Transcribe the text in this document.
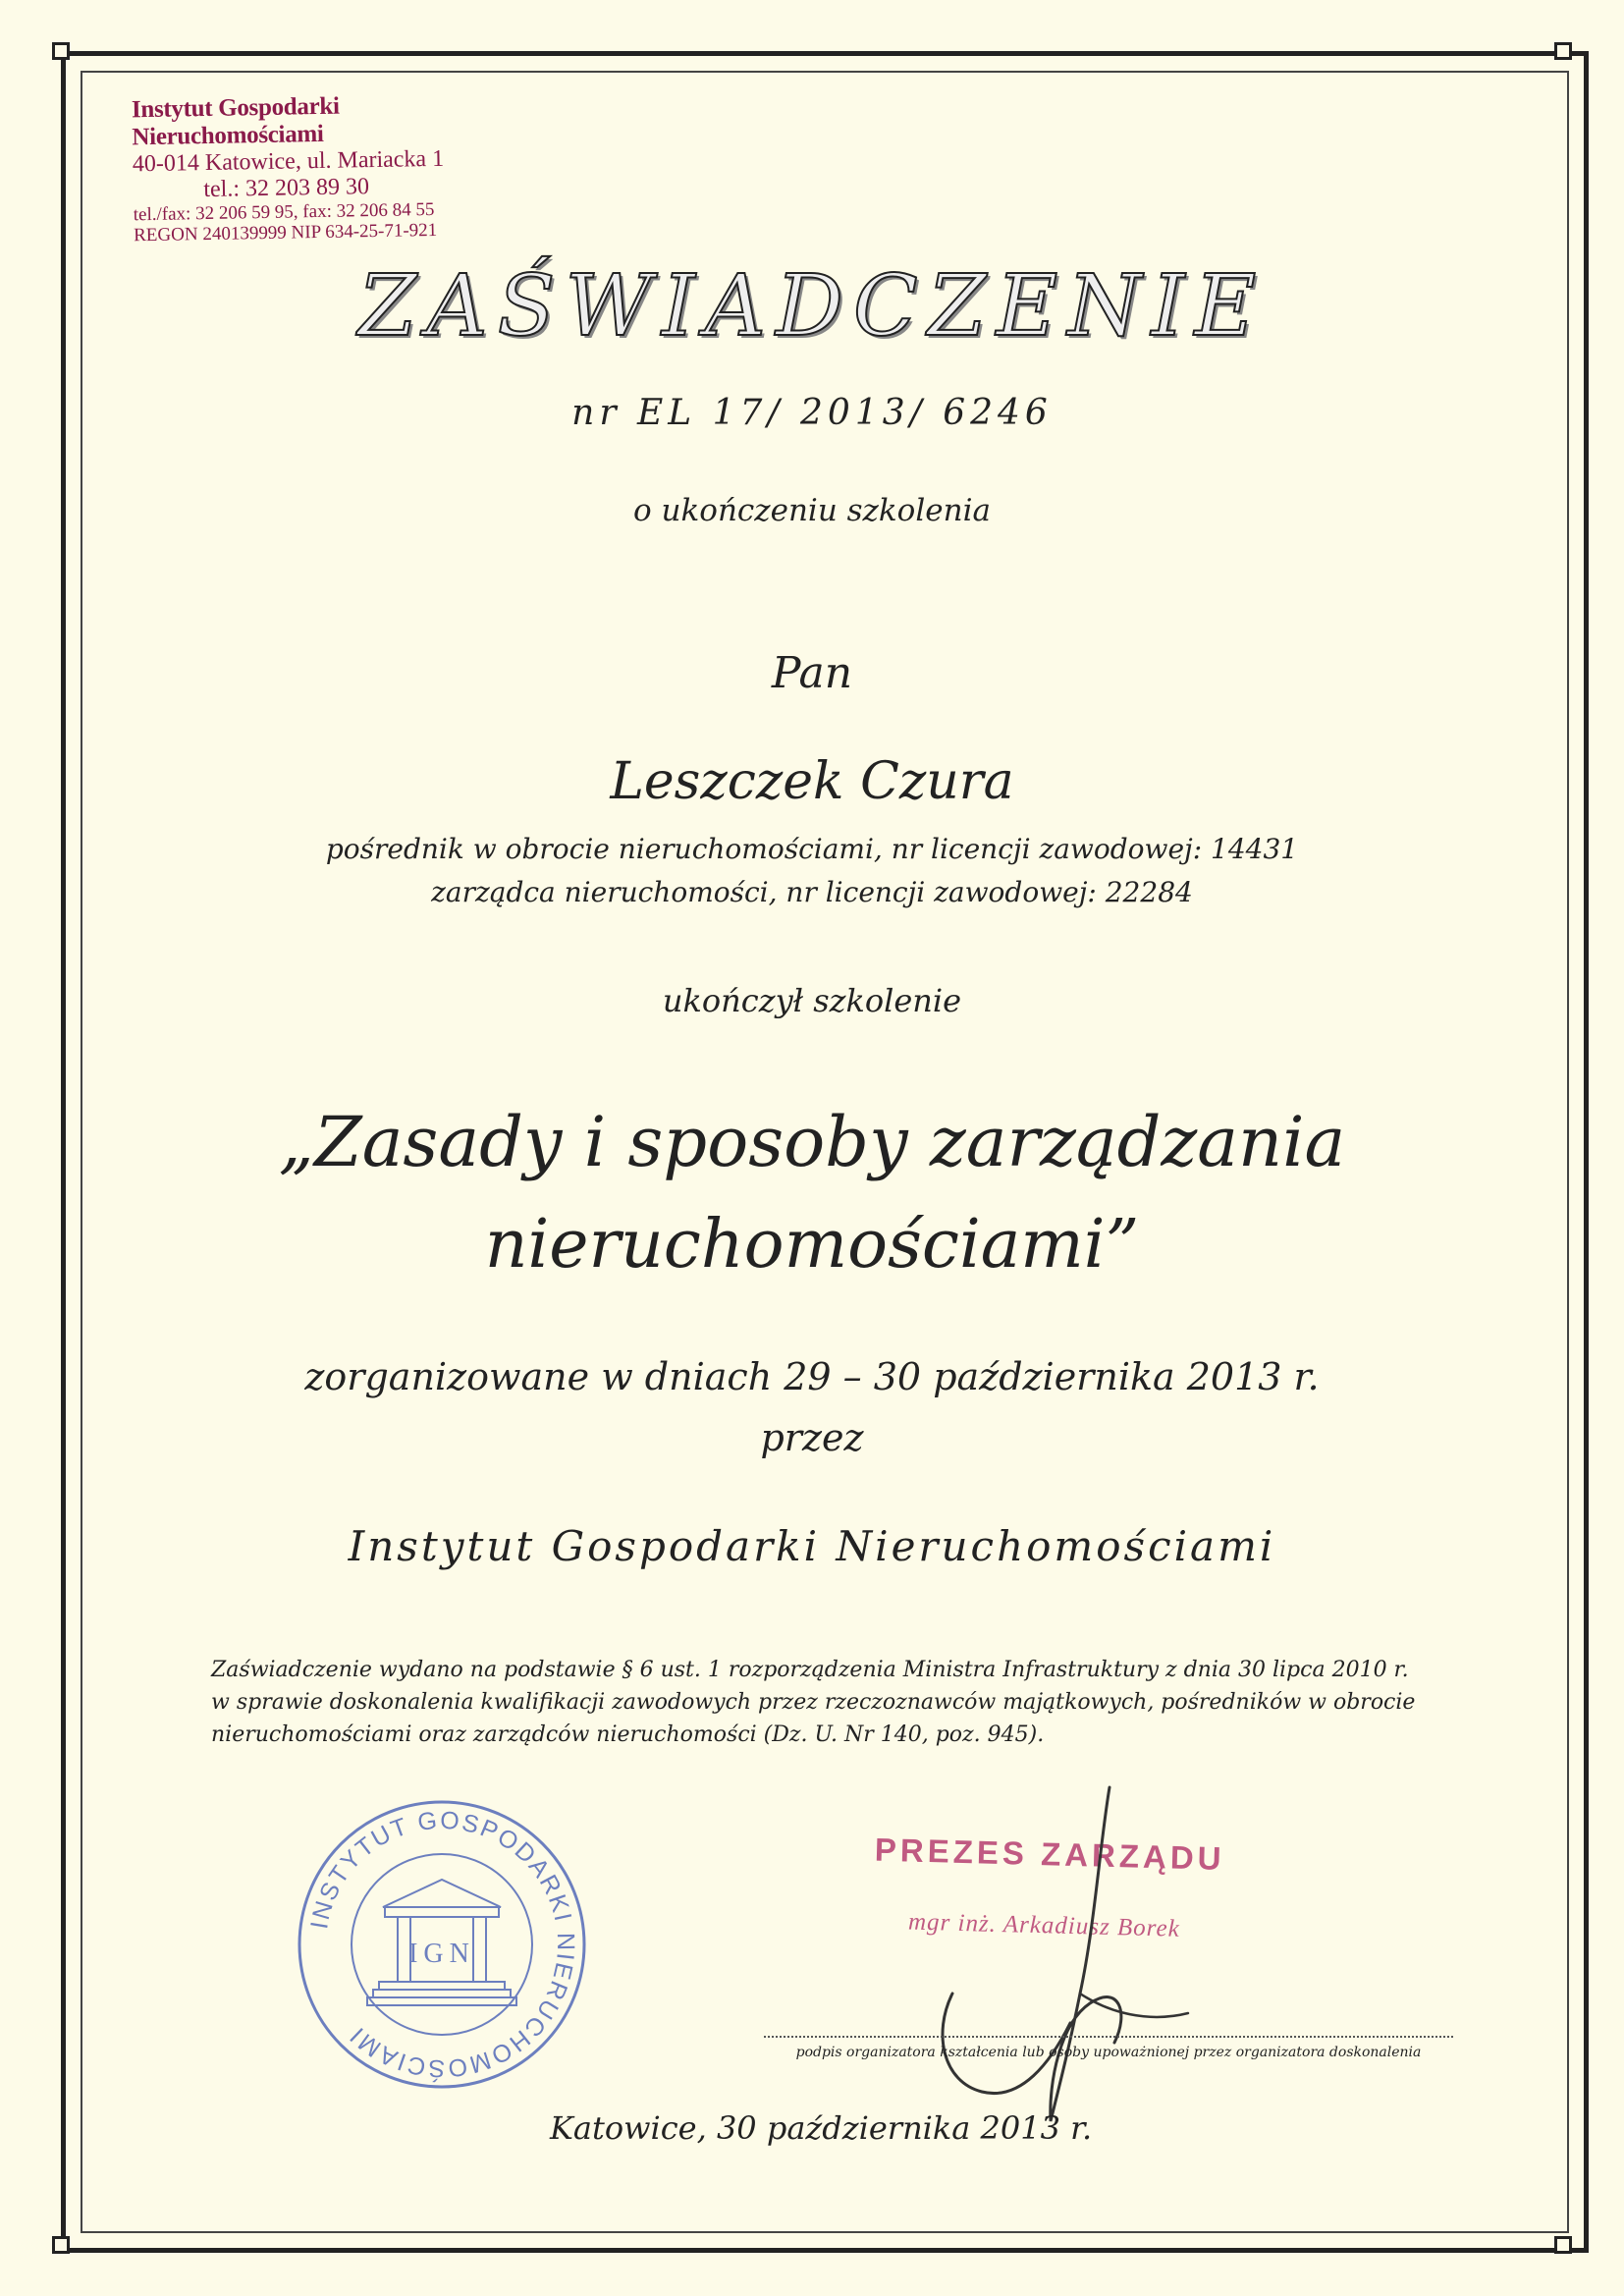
Instytut Gospodarki Nieruchomościami
40-014 Katowice, ul. Mariacka 1
tel.: 32 203 89 30
tel./fax: 32 206 59 95, fax: 32 206 84 55
REGON 240139999 NIP 634-25-71-921
ZAŚWIADCZENIE
nr EL 17/ 2013/ 6246
o ukończeniu szkolenia
Pan
Leszczek Czura
pośrednik w obrocie nieruchomościami, nr licencji zawodowej: 14431
zarządca nieruchomości, nr licencji zawodowej: 22284
ukończył szkolenie
„Zasady i sposoby zarządzania
nieruchomościami”
zorganizowane w dniach 29 – 30 października 2013 r.
przez
Instytut Gospodarki Nieruchomościami
Zaświadczenie wydano na podstawie § 6 ust. 1 rozporządzenia Ministra Infrastruktury z dnia 30 lipca 2010 r.
w sprawie doskonalenia kwalifikacji zawodowych przez rzeczoznawców majątkowych, pośredników w obrocie
nieruchomościami oraz zarządców nieruchomości (Dz. U. Nr 140, poz. 945).
INSTYTUT GOSPODARKI NIERUCHOMOŚCIAMI
IGN
PREZES ZARZĄDU
mgr inż. Arkadiusz Borek
podpis organizatora kształcenia lub osoby upoważnionej przez organizatora doskonalenia
Katowice, 30 października 2013 r.
